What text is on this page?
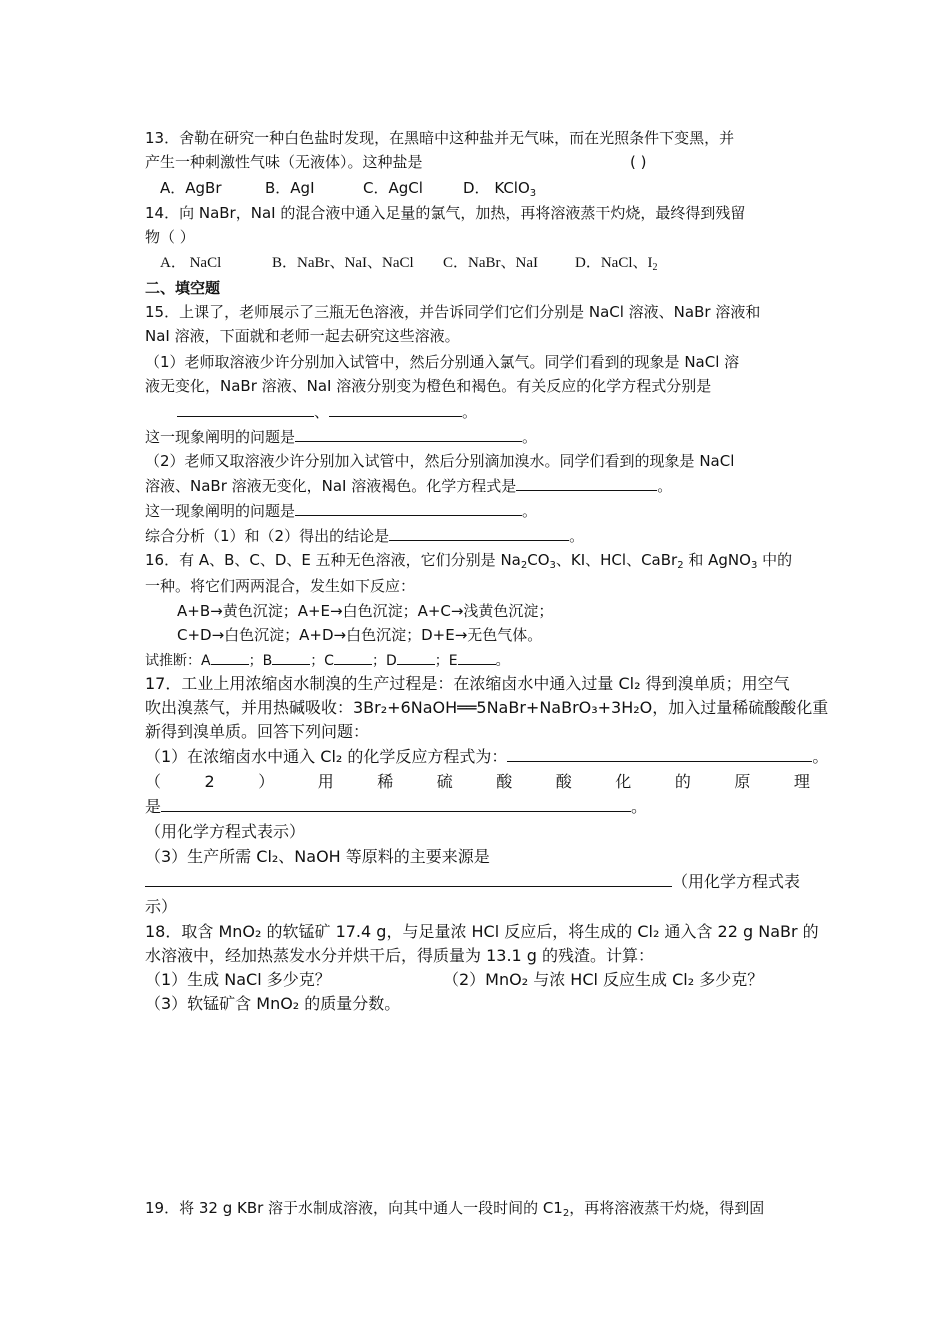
13．舍勒在研究一种白色盐时发现，在黑暗中这种盐并无气味，而在光照条件下变黑，并
产生一种刺激性气味（无液体）。这种盐是	( )
A．AgBr	B．AgI	C．AgCl	D． KClO$_3$
14．向 NaBr，NaI 的混合液中通入足量的氯气，加热，再将溶液蒸干灼烧，最终得到残留
物（ ）
A． NaCl	B．NaBr、NaI、NaCl C．NaBr、NaI D．NaCl、$I_2$
二、填空题
15．上课了，老师展示了三瓶无色溶液，并告诉同学们它们分别是 NaCl 溶液、NaBr 溶液和
NaI 溶液，下面就和老师一起去研究这些溶液。
（1）老师取溶液少许分别加入试管中，然后分别通入氯气。同学们看到的现象是 NaCl 溶
液无变化，NaBr 溶液、NaI 溶液分别变为橙色和褐色。有关反应的化学方程式分别是
、	。
这一现象阐明的问题是	。
（2）老师又取溶液少许分别加入试管中，然后分别滴加溴水。同学们看到的现象是 NaCl
溶液、NaBr 溶液无变化，NaI 溶液褐色。化学方程式是	。
这一现象阐明的问题是	。
综合分析（1）和（2）得出的结论是	。
16．有 A、B、C、D、E 五种无色溶液，它们分别是 $Na_2CO_3$、KI、HCl、CaBr$_2$ 和 AgNO$_3$ 中的
一种。将它们两两混合，发生如下反应：
A+B→黄色沉淀；A+E→白色沉淀；A+C→浅黄色沉淀；
C+D→白色沉淀；A+D→白色沉淀；D+E→无色气体。
试推断：A	；B	；C	；D	；E	。
17．工业上用浓缩卤水制溴的生产过程是：在浓缩卤水中通入过量 Cl₂ 得到溴单质；用空气
吹出溴蒸气，并用热碱吸收：3Br₂+6NaOH══5NaBr+NaBrO₃+3H₂O，加入过量稀硫酸酸化重
新得到溴单质。回答下列问题：
（1）在浓缩卤水中通入 Cl₂ 的化学反应方程式为：	。
（	2	）	用	稀	硫	酸	酸	化	的	原	理
是	。
（用化学方程式表示）
（3）生产所需 Cl₂、NaOH 等原料的主要来源是
（用化学方程式表
示）
18．取含 MnO₂ 的软锰矿 17.4 g，与足量浓 HCl 反应后，将生成的 Cl₂ 通入含 22 g NaBr 的
水溶液中，经加热蒸发水分并烘干后，得质量为 13.1 g 的残渣。计算：
（1）生成 NaCl 多少克？	（2）MnO₂ 与浓 HCl 反应生成 Cl₂ 多少克？
（3）软锰矿含 MnO₂ 的质量分数。
19．将 32 g KBr 溶于水制成溶液，向其中通人一段时间的 $C1_2$，再将溶液蒸干灼烧，得到固
